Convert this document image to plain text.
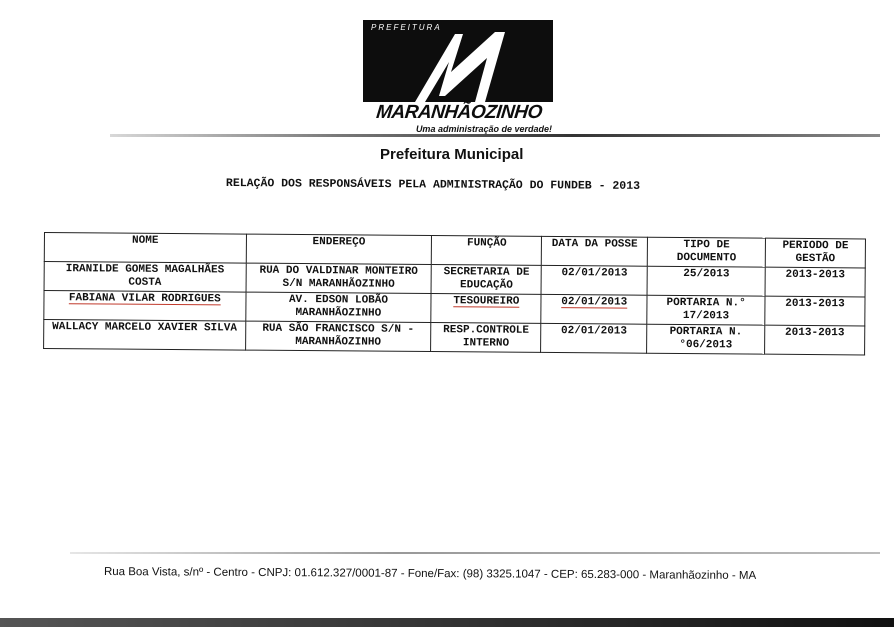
PREFEITURA
MARANHÃOZINHO
Uma administração de verdade!
Prefeitura Municipal
RELAÇÃO DOS RESPONSÁVEIS PELA ADMINISTRAÇÃO DO FUNDEB - 2013
NOME	ENDEREÇO	FUNÇÃO	DATA DA POSSE	TIPO DE DOCUMENTO	PERIODO DE GESTÃO
IRANILDE GOMES MAGALHÃES COSTA	RUA DO VALDINAR MONTEIRO S/N MARANHÃOZINHO	SECRETARIA DE EDUCAÇÃO	02/01/2013	25/2013	2013-2013
FABIANA VILAR RODRIGUES	AV. EDSON LOBÃO MARANHÃOZINHO	TESOUREIRO	02/01/2013	PORTARIA N.° 17/2013	2013-2013
WALLACY MARCELO XAVIER SILVA	RUA SÃO FRANCISCO S/N - MARANHÃOZINHO	RESP.CONTROLE INTERNO	02/01/2013	PORTARIA N.°06/2013	2013-2013
Rua Boa Vista, s/nº - Centro - CNPJ: 01.612.327/0001-87 - Fone/Fax: (98) 3325.1047 - CEP: 65.283-000 - Maranhãozinho - MA
